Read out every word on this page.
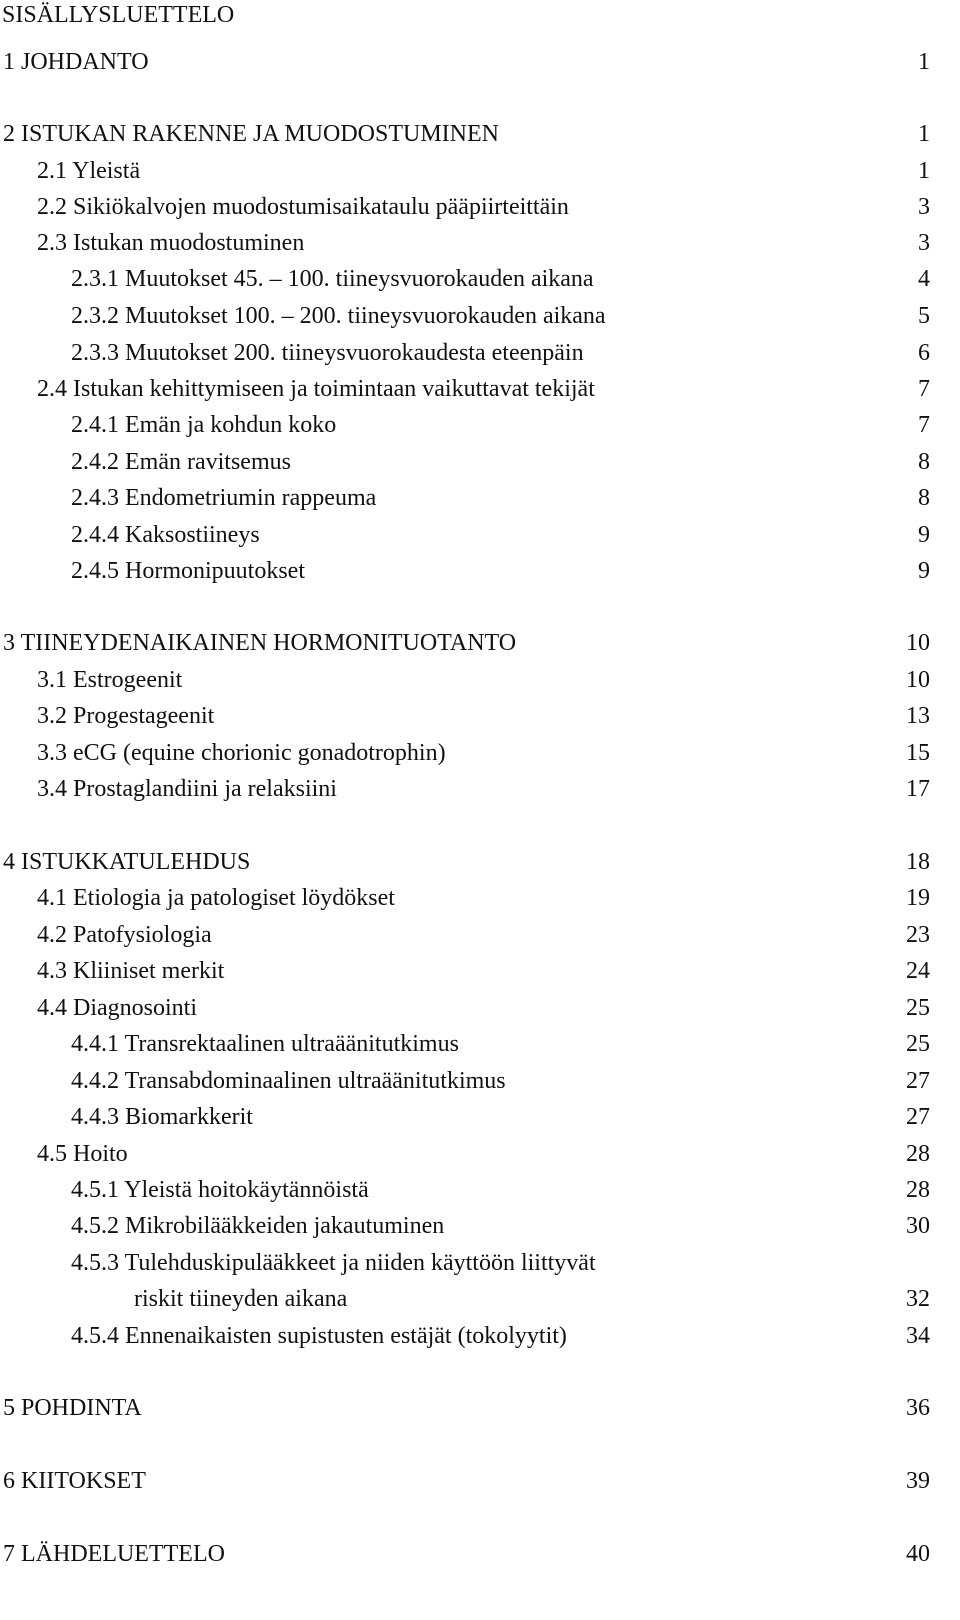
SISÄLLYSLUETTELO
1 JOHDANTO	1
2 ISTUKAN RAKENNE JA MUODOSTUMINEN	1
2.1 Yleistä	1
2.2 Sikiökalvojen muodostumisaikataulu pääpiirteittäin	3
2.3 Istukan muodostuminen	3
2.3.1 Muutokset 45. – 100. tiineysvuorokauden aikana	4
2.3.2 Muutokset 100. – 200. tiineysvuorokauden aikana	5
2.3.3 Muutokset 200. tiineysvuorokaudesta eteenpäin	6
2.4 Istukan kehittymiseen ja toimintaan vaikuttavat tekijät	7
2.4.1 Emän ja kohdun koko	7
2.4.2 Emän ravitsemus	8
2.4.3 Endometriumin rappeuma	8
2.4.4 Kaksostiineys	9
2.4.5 Hormonipuutokset	9
3 TIINEYDENAIKAINEN HORMONITUOTANTO	10
3.1 Estrogeenit	10
3.2 Progestageenit	13
3.3 eCG (equine chorionic gonadotrophin)	15
3.4 Prostaglandiini ja relaksiini	17
4 ISTUKKATULEHDUS	18
4.1 Etiologia ja patologiset löydökset	19
4.2 Patofysiologia	23
4.3 Kliiniset merkit	24
4.4 Diagnosointi	25
4.4.1 Transrektaalinen ultraäänitutkimus	25
4.4.2 Transabdominaalinen ultraäänitutkimus	27
4.4.3 Biomarkkerit	27
4.5 Hoito	28
4.5.1 Yleistä hoitokäytännöistä	28
4.5.2 Mikrobilääkkeiden jakautuminen	30
4.5.3 Tulehduskipulääkkeet ja niiden käyttöön liittyvät
riskit tiineyden aikana	32
4.5.4 Ennenaikaisten supistusten estäjät (tokolyytit)	34
5 POHDINTA	36
6 KIITOKSET	39
7 LÄHDELUETTELO	40
